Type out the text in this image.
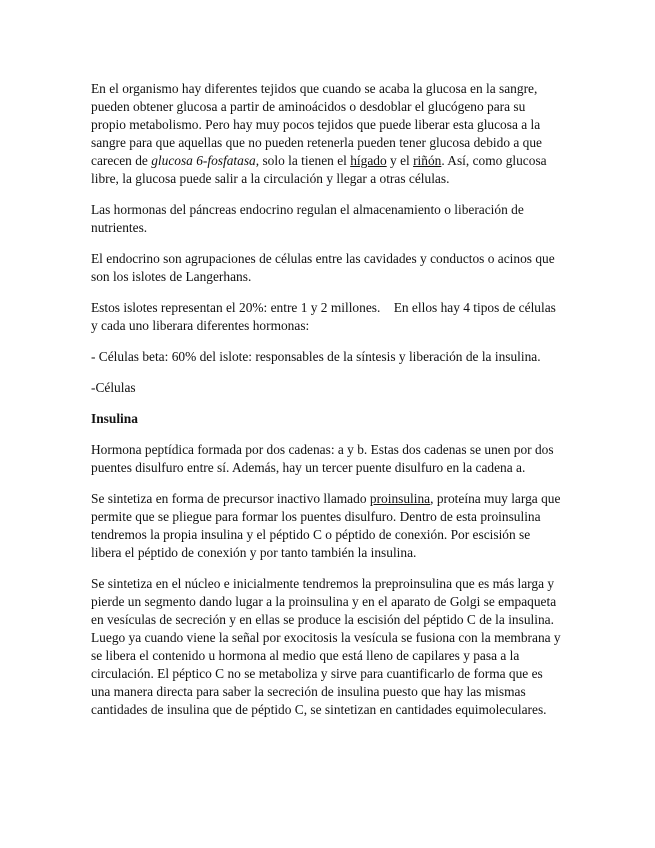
En el organismo hay diferentes tejidos que cuando se acaba la glucosa en la sangre, pueden obtener glucosa a partir de aminoácidos o desdoblar el glucógeno para su propio metabolismo. Pero hay muy pocos tejidos que puede liberar esta glucosa a la sangre para que aquellas que no pueden retenerla pueden tener glucosa debido a que carecen de glucosa 6-fosfatasa, solo la tienen el hígado y el riñón. Así, como glucosa libre, la glucosa puede salir a la circulación y llegar a otras células.

Las hormonas del páncreas endocrino regulan el almacenamiento o liberación de nutrientes.

El endocrino son agrupaciones de células entre las cavidades y conductos o acinos que son los islotes de Langerhans.

Estos islotes representan el 20%: entre 1 y 2 millones.    En ellos hay 4 tipos de células y cada uno liberara diferentes hormonas:

- Células beta: 60% del islote: responsables de la síntesis y liberación de la insulina.

-Células

Insulina

Hormona peptídica formada por dos cadenas: a y b. Estas dos cadenas se unen por dos puentes disulfuro entre sí. Además, hay un tercer puente disulfuro en la cadena a.

Se sintetiza en forma de precursor inactivo llamado proinsulina, proteína muy larga que permite que se pliegue para formar los puentes disulfuro. Dentro de esta proinsulina tendremos la propia insulina y el péptido C o péptido de conexión. Por escisión se libera el péptido de conexión y por tanto también la insulina.

Se sintetiza en el núcleo e inicialmente tendremos la preproinsulina que es más larga y pierde un segmento dando lugar a la proinsulina y en el aparato de Golgi se empaqueta en vesículas de secreción y en ellas se produce la escisión del péptido C de la insulina. Luego ya cuando viene la señal por exocitosis la vesícula se fusiona con la membrana y se libera el contenido u hormona al medio que está lleno de capilares y pasa a la circulación. El péptico C no se metaboliza y sirve para cuantificarlo de forma que es una manera directa para saber la secreción de insulina puesto que hay las mismas cantidades de insulina que de péptido C, se sintetizan en cantidades equimoleculares.
